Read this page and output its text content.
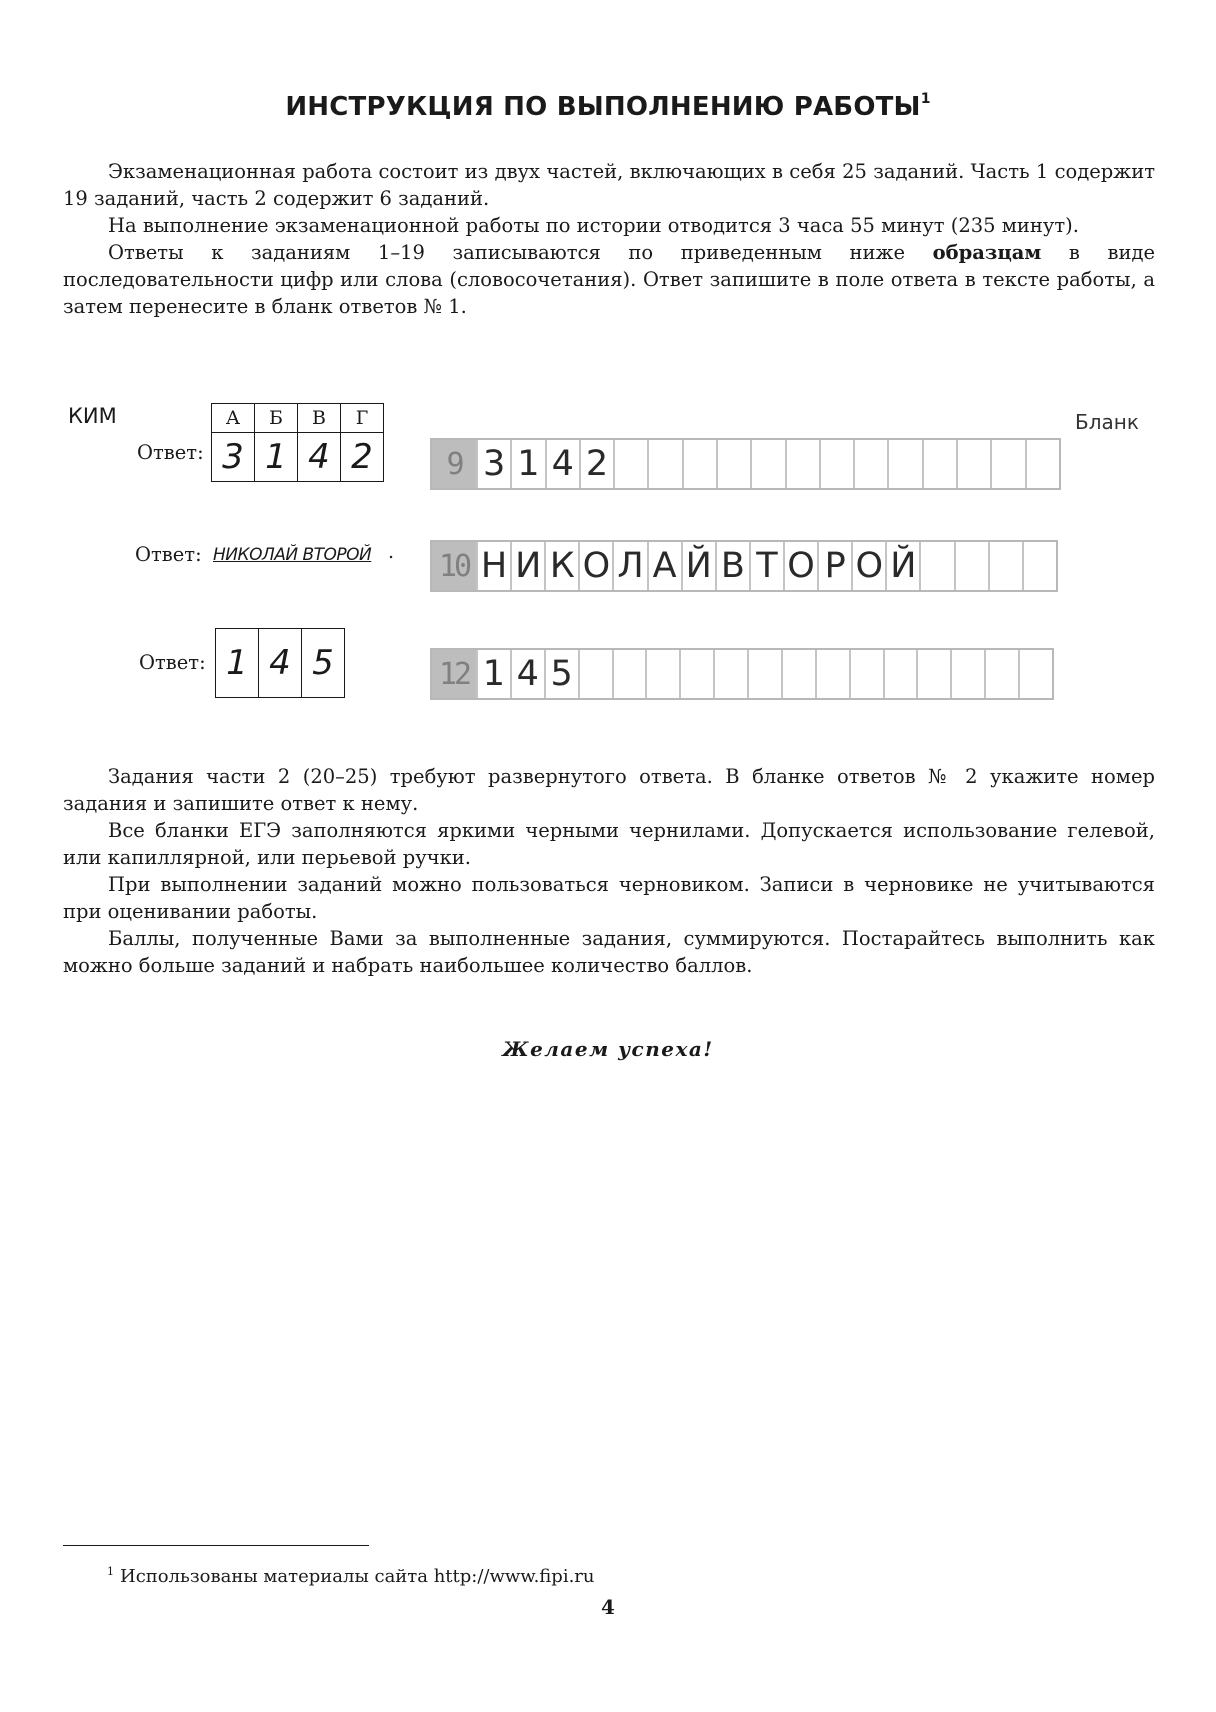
ИНСТРУКЦИЯ ПО ВЫПОЛНЕНИЮ РАБОТЫ$^1$

Экзаменационная работа состоит из двух частей, включающих в себя 25 заданий. Часть 1 содержит 19 заданий, часть 2 содержит 6 заданий.

На выполнение экзаменационной работы по истории отводится 3 часа 55 минут (235 минут).

Ответы к заданиям 1–19 записываются по приведенным ниже образцам в виде последовательности цифр или слова (словосочетания). Ответ запишите в поле ответа в тексте работы, а затем перенесите в бланк ответов № 1.

КИМ	Бланк
Ответ:
А	Б	В	Г
3	1	4	2	9 3 1 4 2
Ответ: НИКОЛАЙ ВТОРОЙ . 10 Н И К О Л А Й В Т О Р О Й
Ответ: 1	4	5	12 1 4 5

Задания части 2 (20–25) требуют развернутого ответа. В бланке ответов № 2 укажите номер задания и запишите ответ к нему.

Все бланки ЕГЭ заполняются яркими черными чернилами. Допускается использование гелевой, или капиллярной, или перьевой ручки.

При выполнении заданий можно пользоваться черновиком. Записи в черновике не учитываются при оценивании работы.

Баллы, полученные Вами за выполненные задания, суммируются. Постарайтесь выполнить как можно больше заданий и набрать наибольшее количество баллов.

Желаем успеха!
$^1$ Использованы материалы сайта http://www.fipi.ru
4
